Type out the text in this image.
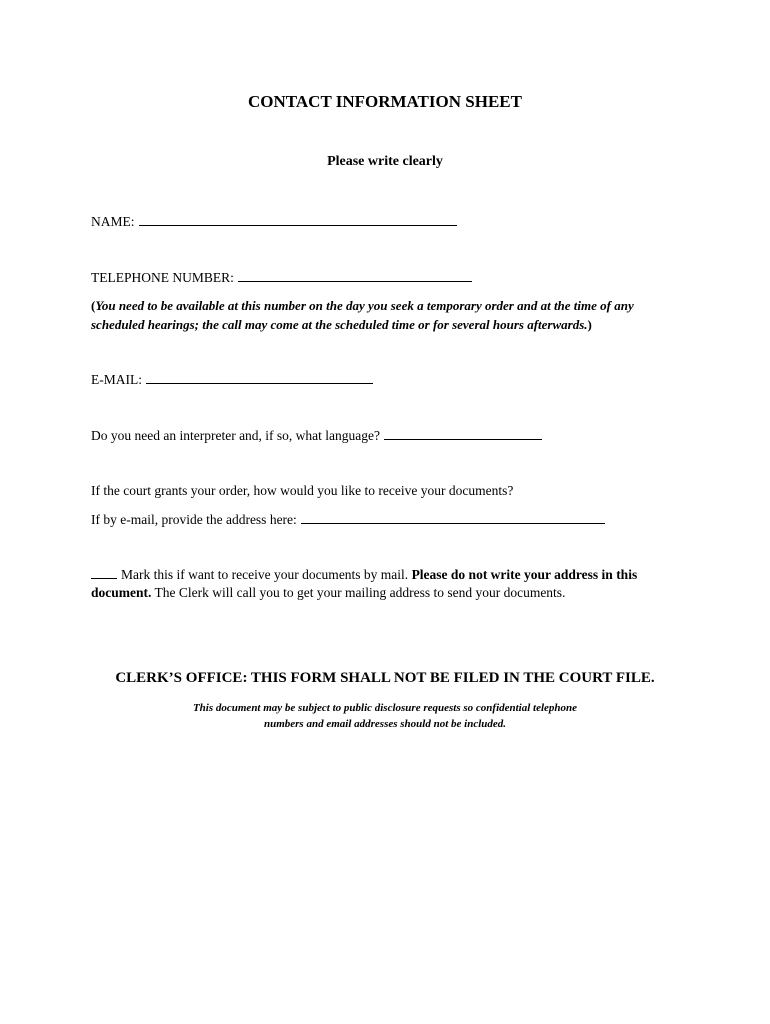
CONTACT INFORMATION SHEET
Please write clearly
NAME:
TELEPHONE NUMBER:
(You need to be available at this number on the day you seek a temporary order and at the time of any scheduled hearings; the call may come at the scheduled time or for several hours afterwards.)
E-MAIL:
Do you need an interpreter and, if so, what language?
If the court grants your order, how would you like to receive your documents?
If by e-mail, provide the address here:
Mark this if want to receive your documents by mail. Please do not write your address in this document. The Clerk will call you to get your mailing address to send your documents.
CLERK’S OFFICE: THIS FORM SHALL NOT BE FILED IN THE COURT FILE.
This document may be subject to public disclosure requests so confidential telephone
numbers and email addresses should not be included.
